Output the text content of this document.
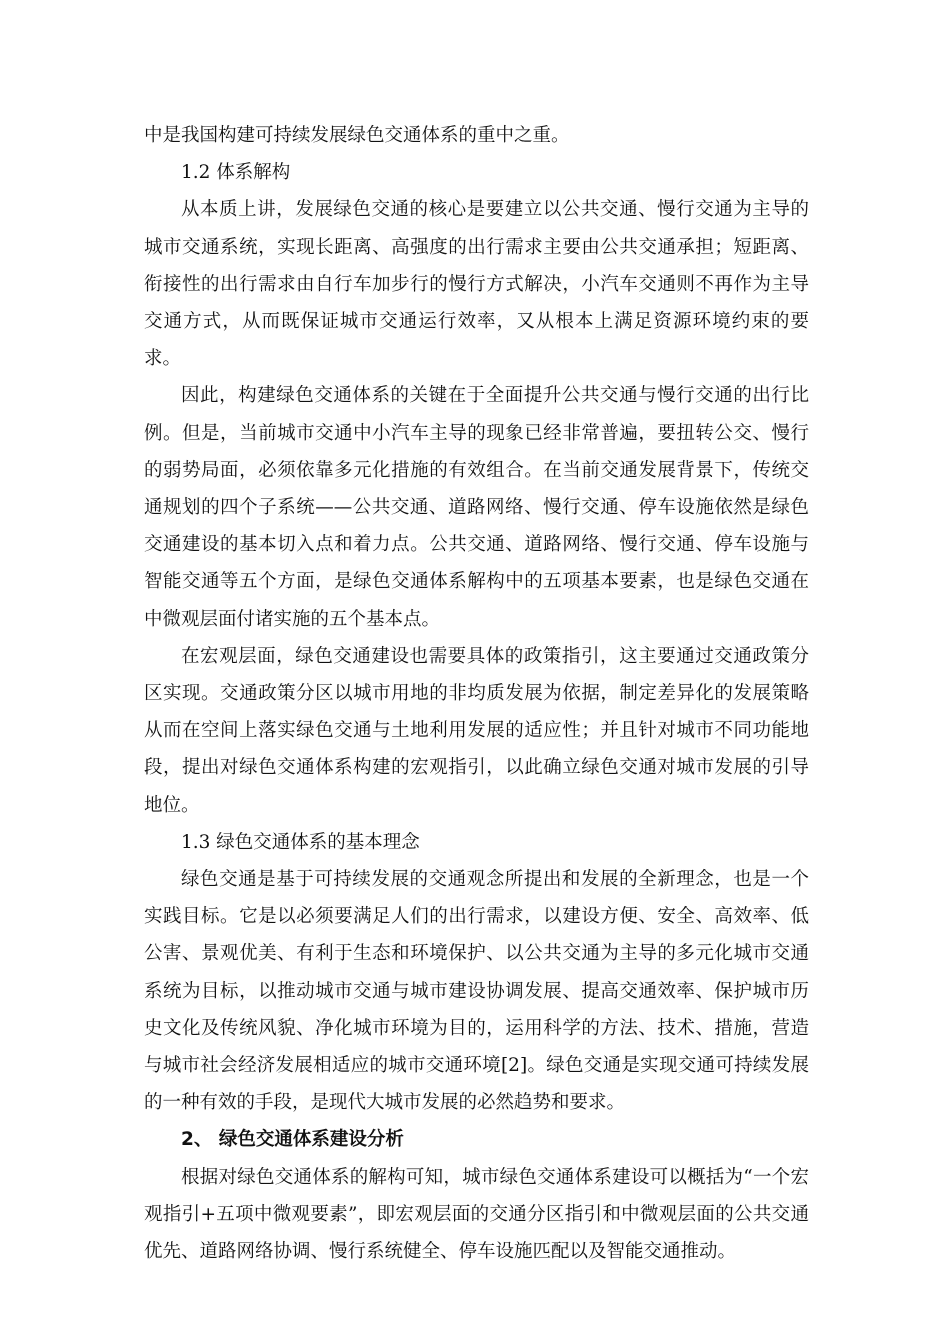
中是我国构建可持续发展绿色交通体系的重中之重。

1.2 体系解构

从本质上讲，发展绿色交通的核心是要建立以公共交通、慢行交通为主导的城市交通系统，实现长距离、高强度的出行需求主要由公共交通承担；短距离、衔接性的出行需求由自行车加步行的慢行方式解决，小汽车交通则不再作为主导交通方式，从而既保证城市交通运行效率，又从根本上满足资源环境约束的要求。

因此，构建绿色交通体系的关键在于全面提升公共交通与慢行交通的出行比例。但是，当前城市交通中小汽车主导的现象已经非常普遍，要扭转公交、慢行的弱势局面，必须依靠多元化措施的有效组合。在当前交通发展背景下，传统交通规划的四个子系统——公共交通、道路网络、慢行交通、停车设施依然是绿色交通建设的基本切入点和着力点。公共交通、道路网络、慢行交通、停车设施与智能交通等五个方面，是绿色交通体系解构中的五项基本要素，也是绿色交通在中微观层面付诸实施的五个基本点。

在宏观层面，绿色交通建设也需要具体的政策指引，这主要通过交通政策分区实现。交通政策分区以城市用地的非均质发展为依据，制定差异化的发展策略从而在空间上落实绿色交通与土地利用发展的适应性；并且针对城市不同功能地段，提出对绿色交通体系构建的宏观指引，以此确立绿色交通对城市发展的引导地位。

1.3 绿色交通体系的基本理念

绿色交通是基于可持续发展的交通观念所提出和发展的全新理念，也是一个实践目标。它是以必须要满足人们的出行需求，以建设方便、安全、高效率、低公害、景观优美、有利于生态和环境保护、以公共交通为主导的多元化城市交通系统为目标，以推动城市交通与城市建设协调发展、提高交通效率、保护城市历史文化及传统风貌、净化城市环境为目的，运用科学的方法、技术、措施，营造与城市社会经济发展相适应的城市交通环境[2]。绿色交通是实现交通可持续发展的一种有效的手段，是现代大城市发展的必然趋势和要求。

2、 绿色交通体系建设分析

根据对绿色交通体系的解构可知，城市绿色交通体系建设可以概括为“一个宏观指引+五项中微观要素”，即宏观层面的交通分区指引和中微观层面的公共交通优先、道路网络协调、慢行系统健全、停车设施匹配以及智能交通推动。
